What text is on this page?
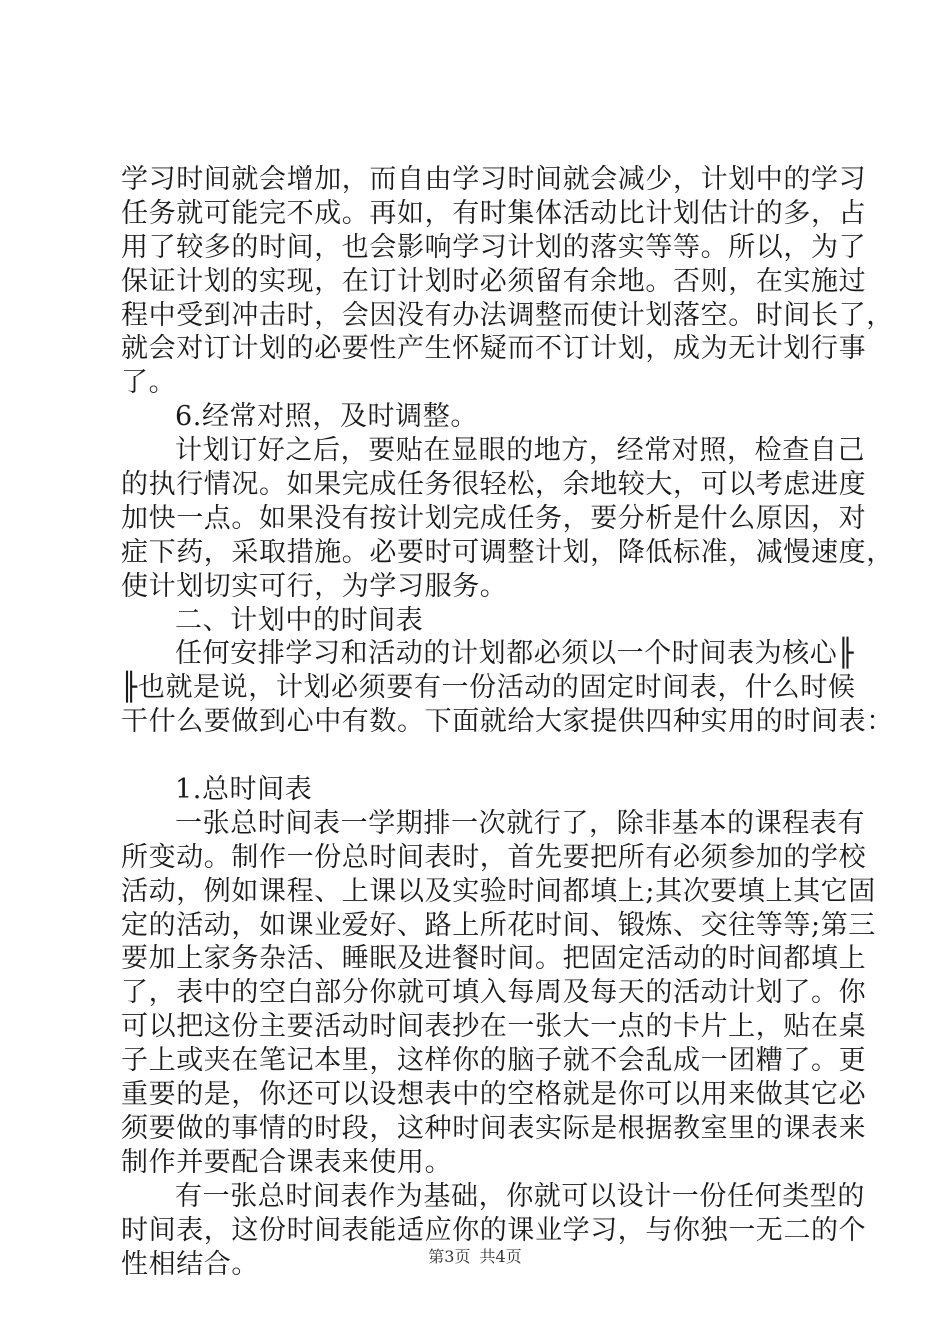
学习时间就会增加，而自由学习时间就会减少，计划中的学习
任务就可能完不成。再如，有时集体活动比计划估计的多，占
用了较多的时间，也会影响学习计划的落实等等。所以，为了
保证计划的实现，在订计划时必须留有余地。否则，在实施过
程中受到冲击时，会因没有办法调整而使计划落空。时间长了，
就会对订计划的必要性产生怀疑而不订计划，成为无计划行事
了。
6.经常对照，及时调整。
计划订好之后，要贴在显眼的地方，经常对照，检查自己
的执行情况。如果完成任务很轻松，余地较大，可以考虑进度
加快一点。如果没有按计划完成任务，要分析是什么原因，对
症下药，采取措施。必要时可调整计划，降低标准，减慢速度，
使计划切实可行，为学习服务。
二、计划中的时间表
任何安排学习和活动的计划都必须以一个时间表为核心╟
╟也就是说，计划必须要有一份活动的固定时间表，什么时候
干什么要做到心中有数。下面就给大家提供四种实用的时间表：
1.总时间表
一张总时间表一学期排一次就行了，除非基本的课程表有
所变动。制作一份总时间表时，首先要把所有必须参加的学校
活动，例如课程、上课以及实验时间都填上;其次要填上其它固
定的活动，如课业爱好、路上所花时间、锻炼、交往等等;第三
要加上家务杂活、睡眠及进餐时间。把固定活动的时间都填上
了，表中的空白部分你就可填入每周及每天的活动计划了。你
可以把这份主要活动时间表抄在一张大一点的卡片上，贴在桌
子上或夹在笔记本里，这样你的脑子就不会乱成一团糟了。更
重要的是，你还可以设想表中的空格就是你可以用来做其它必
须要做的事情的时段，这种时间表实际是根据教室里的课表来
制作并要配合课表来使用。
有一张总时间表作为基础，你就可以设计一份任何类型的
时间表，这份时间表能适应你的课业学习，与你独一无二的个
性相结合。	第3页 共4页
